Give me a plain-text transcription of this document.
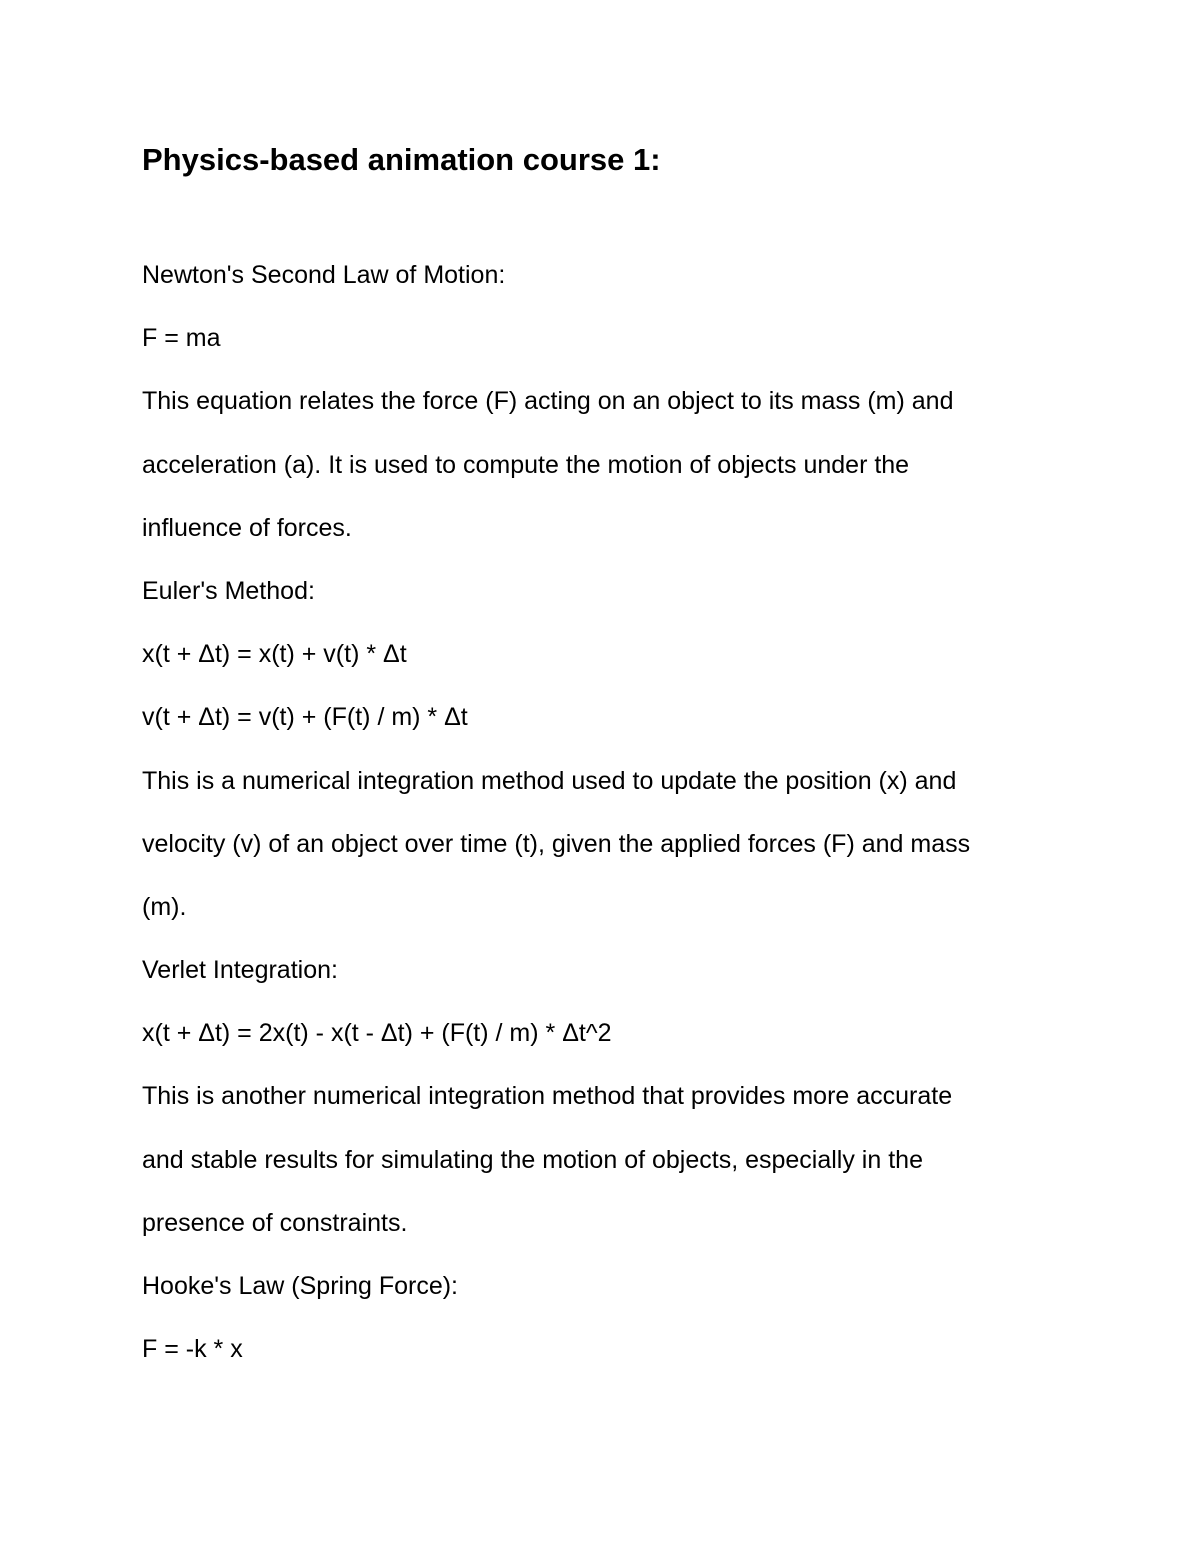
Physics-based animation course 1:
Newton's Second Law of Motion:
F = ma
This equation relates the force (F) acting on an object to its mass (m) and
acceleration (a). It is used to compute the motion of objects under the
influence of forces.
Euler's Method:
x(t + Δt) = x(t) + v(t) * Δt
v(t + Δt) = v(t) + (F(t) / m) * Δt
This is a numerical integration method used to update the position (x) and
velocity (v) of an object over time (t), given the applied forces (F) and mass
(m).
Verlet Integration:
x(t + Δt) = 2x(t) - x(t - Δt) + (F(t) / m) * Δt^2
This is another numerical integration method that provides more accurate
and stable results for simulating the motion of objects, especially in the
presence of constraints.
Hooke's Law (Spring Force):
F = -k * x
